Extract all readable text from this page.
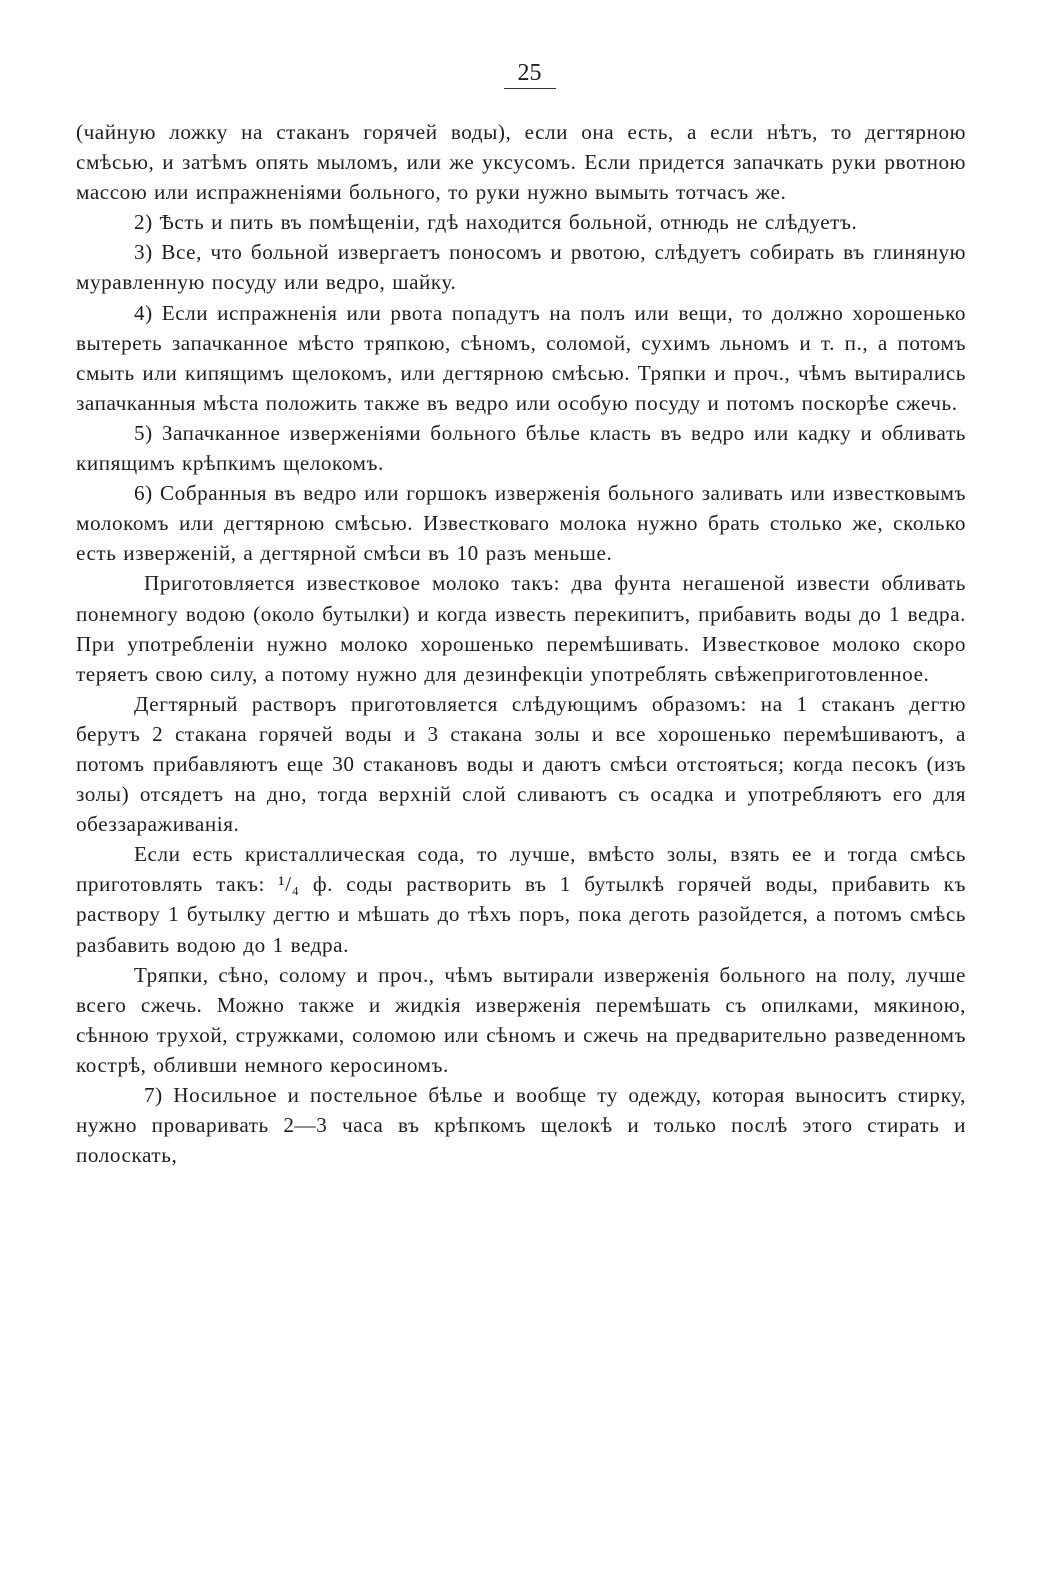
25

(чайную ложку на стаканъ горячей воды), если она есть, а если нѣтъ, то дегтярною смѣсью, и затѣмъ опять мыломъ, или же уксусомъ. Если придется запачкать руки рвотною массою или испражненіями больного, то руки нужно вымыть тотчасъ же.

2) Ѣсть и пить въ помѣщеніи, гдѣ находится больной, отнюдь не слѣдуетъ.

3) Все, что больной извергаетъ поносомъ и рвотою, слѣдуетъ собирать въ глиняную муравленную посуду или ведро, шайку.

4) Если испражненія или рвота попадутъ на полъ или вещи, то должно хорошенько вытереть запачканное мѣсто тряпкою, сѣномъ, соломой, сухимъ льномъ и т. п., а потомъ смыть или кипящимъ щелокомъ, или дегтярною смѣсью. Тряпки и проч., чѣмъ вытирались запачканныя мѣста положить также въ ведро или особую посуду и потомъ поскорѣе сжечь.

5) Запачканное изверженіями больного бѣлье класть въ ведро или кадку и обливать кипящимъ крѣпкимъ щелокомъ.

6) Собранныя въ ведро или горшокъ изверженія больного заливать или известковымъ молокомъ или дегтярною смѣсью. Известковаго молока нужно брать столько же, сколько есть изверженій, а дегтярной смѣси въ 10 разъ меньше.

Приготовляется известковое молоко такъ: два фунта негашеной извести обливать понемногу водою (около бутылки) и когда известь перекипитъ, прибавить воды до 1 ведра. При употребленіи нужно молоко хорошенько перемѣшивать. Известковое молоко скоро теряетъ свою силу, а потому нужно для дезинфекціи употреблять свѣжеприготовленное.

Дегтярный растворъ приготовляется слѣдующимъ образомъ: на 1 стаканъ дегтю берутъ 2 стакана горячей воды и 3 стакана золы и все хорошенько перемѣшиваютъ, а потомъ прибавляютъ еще 30 стакановъ воды и даютъ смѣси отстояться; когда песокъ (изъ золы) отсядетъ на дно, тогда верхній слой сливаютъ съ осадка и употребляютъ его для обеззараживанія.

Если есть кристаллическая сода, то лучше, вмѣсто золы, взять ее и тогда смѣсь приготовлять такъ: ¹/₄ ф. соды растворить въ 1 бутылкѣ горячей воды, прибавить къ раствору 1 бутылку дегтю и мѣшать до тѣхъ поръ, пока деготь разойдется, а потомъ смѣсь разбавить водою до 1 ведра.

Тряпки, сѣно, солому и проч., чѣмъ вытирали изверженія больного на полу, лучше всего сжечь. Можно также и жидкія изверженія перемѣшать съ опилками, мякиною, сѣнною трухой, стружками, соломою или сѣномъ и сжечь на предварительно разведенномъ кострѣ, обливши немного керосиномъ.

7) Носильное и постельное бѣлье и вообще ту одежду, которая выноситъ стирку, нужно проваривать 2—3 часа въ крѣпкомъ щелокѣ и только послѣ этого стирать и полоскать,
